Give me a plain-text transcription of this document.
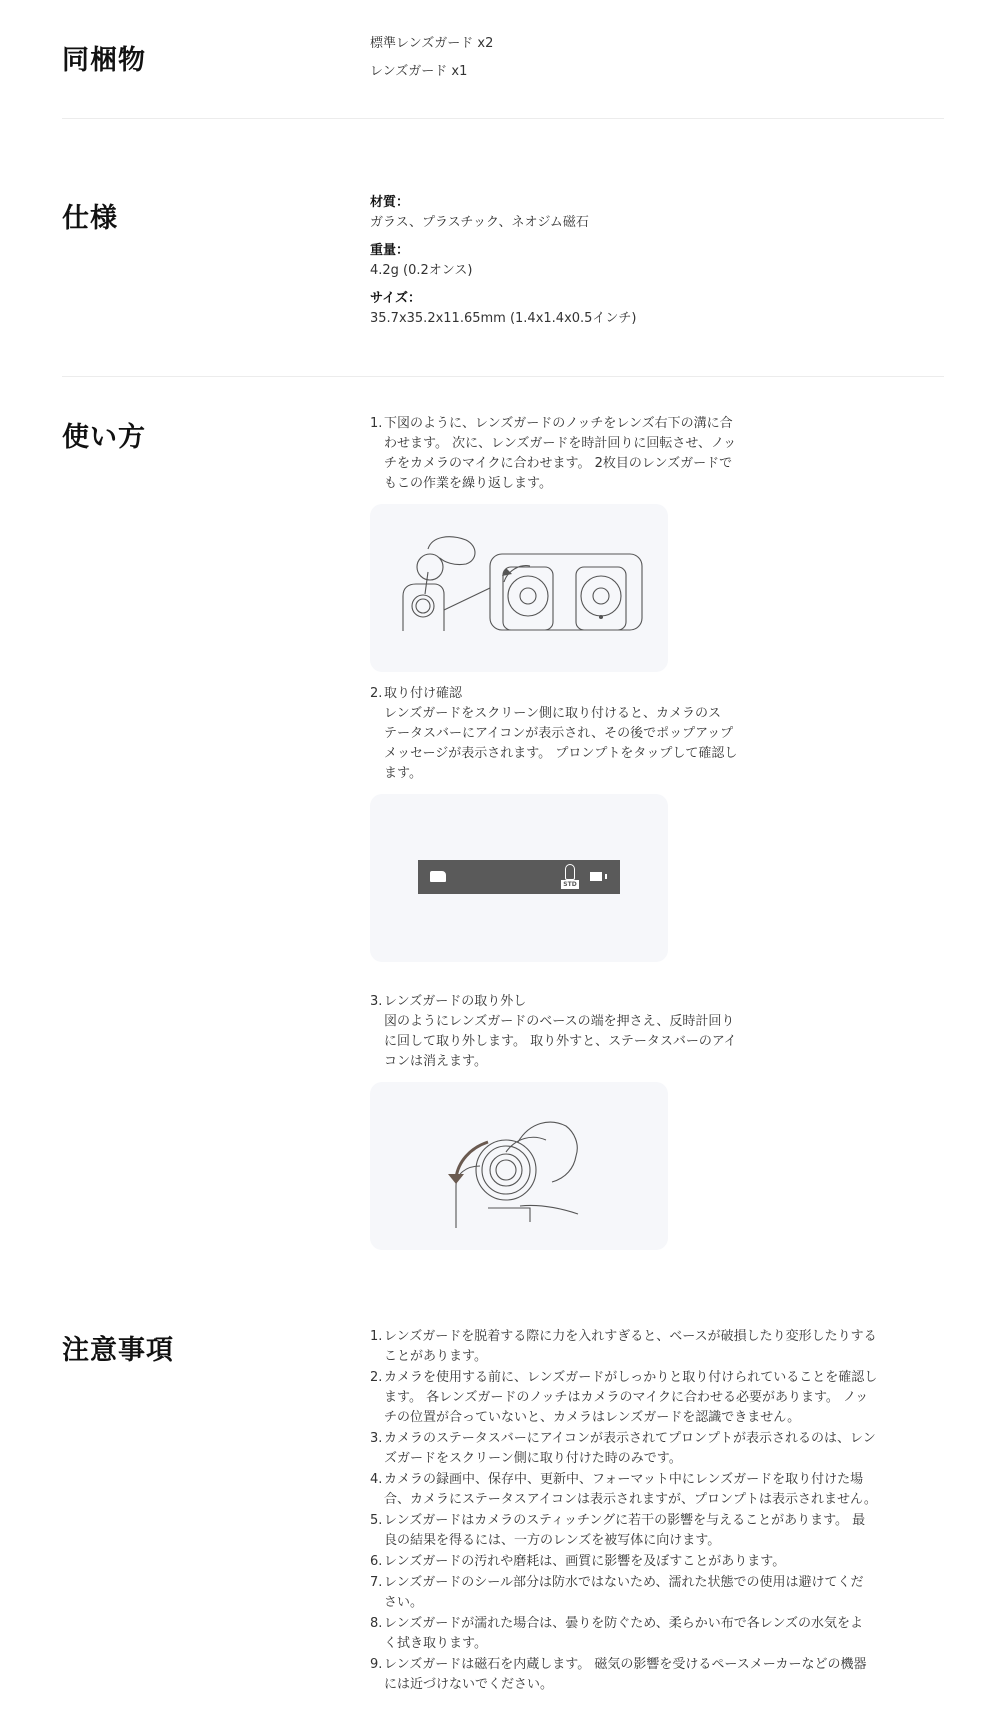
同梱物

標準レンズガード x2

レンズガード x1

仕様

材質：

ガラス、プラスチック、ネオジム磁石

重量：

4.2g (0.2オンス)

サイズ：

35.7x35.2x11.65mm (1.4x1.4x0.5インチ)

使い方	1. 下図のように、レンズガードのノッチをレンズ右下の溝に合

わせます。 次に、レンズガードを時計回りに回転させ、ノッ

チをカメラのマイクに合わせます。 2枚目のレンズガードで

もこの作業を繰り返します。

2. 取り付け確認

レンズガードをスクリーン側に取り付けると、カメラのス

テータスバーにアイコンが表示され、その後でポップアップ

メッセージが表示されます。 プロンプトをタップして確認し

ます。

STD
3. レンズガードの取り外し

図のようにレンズガードのベースの端を押さえ、反時計回り

に回して取り外します。 取り外すと、ステータスバーのアイ

コンは消えます。

注意事項	1. レンズガードを脱着する際に力を入れすぎると、ベースが破損したり変形したりする

ことがあります。

2. カメラを使用する前に、レンズガードがしっかりと取り付けられていることを確認し

ます。 各レンズガードのノッチはカメラのマイクに合わせる必要があります。 ノッ

チの位置が合っていないと、カメラはレンズガードを認識できません。

3. カメラのステータスバーにアイコンが表示されてプロンプトが表示されるのは、レン

ズガードをスクリーン側に取り付けた時のみです。

4. カメラの録画中、保存中、更新中、フォーマット中にレンズガードを取り付けた場

合、カメラにステータスアイコンは表示されますが、プロンプトは表示されません。

5. レンズガードはカメラのスティッチングに若干の影響を与えることがあります。 最

良の結果を得るには、一方のレンズを被写体に向けます。

6. レンズガードの汚れや磨耗は、画質に影響を及ぼすことがあります。

7. レンズガードのシール部分は防水ではないため、濡れた状態での使用は避けてくだ

さい。

8. レンズガードが濡れた場合は、曇りを防ぐため、柔らかい布で各レンズの水気をよ

く拭き取ります。

9. レンズガードは磁石を内蔵します。 磁気の影響を受けるペースメーカーなどの機器

には近づけないでください。
